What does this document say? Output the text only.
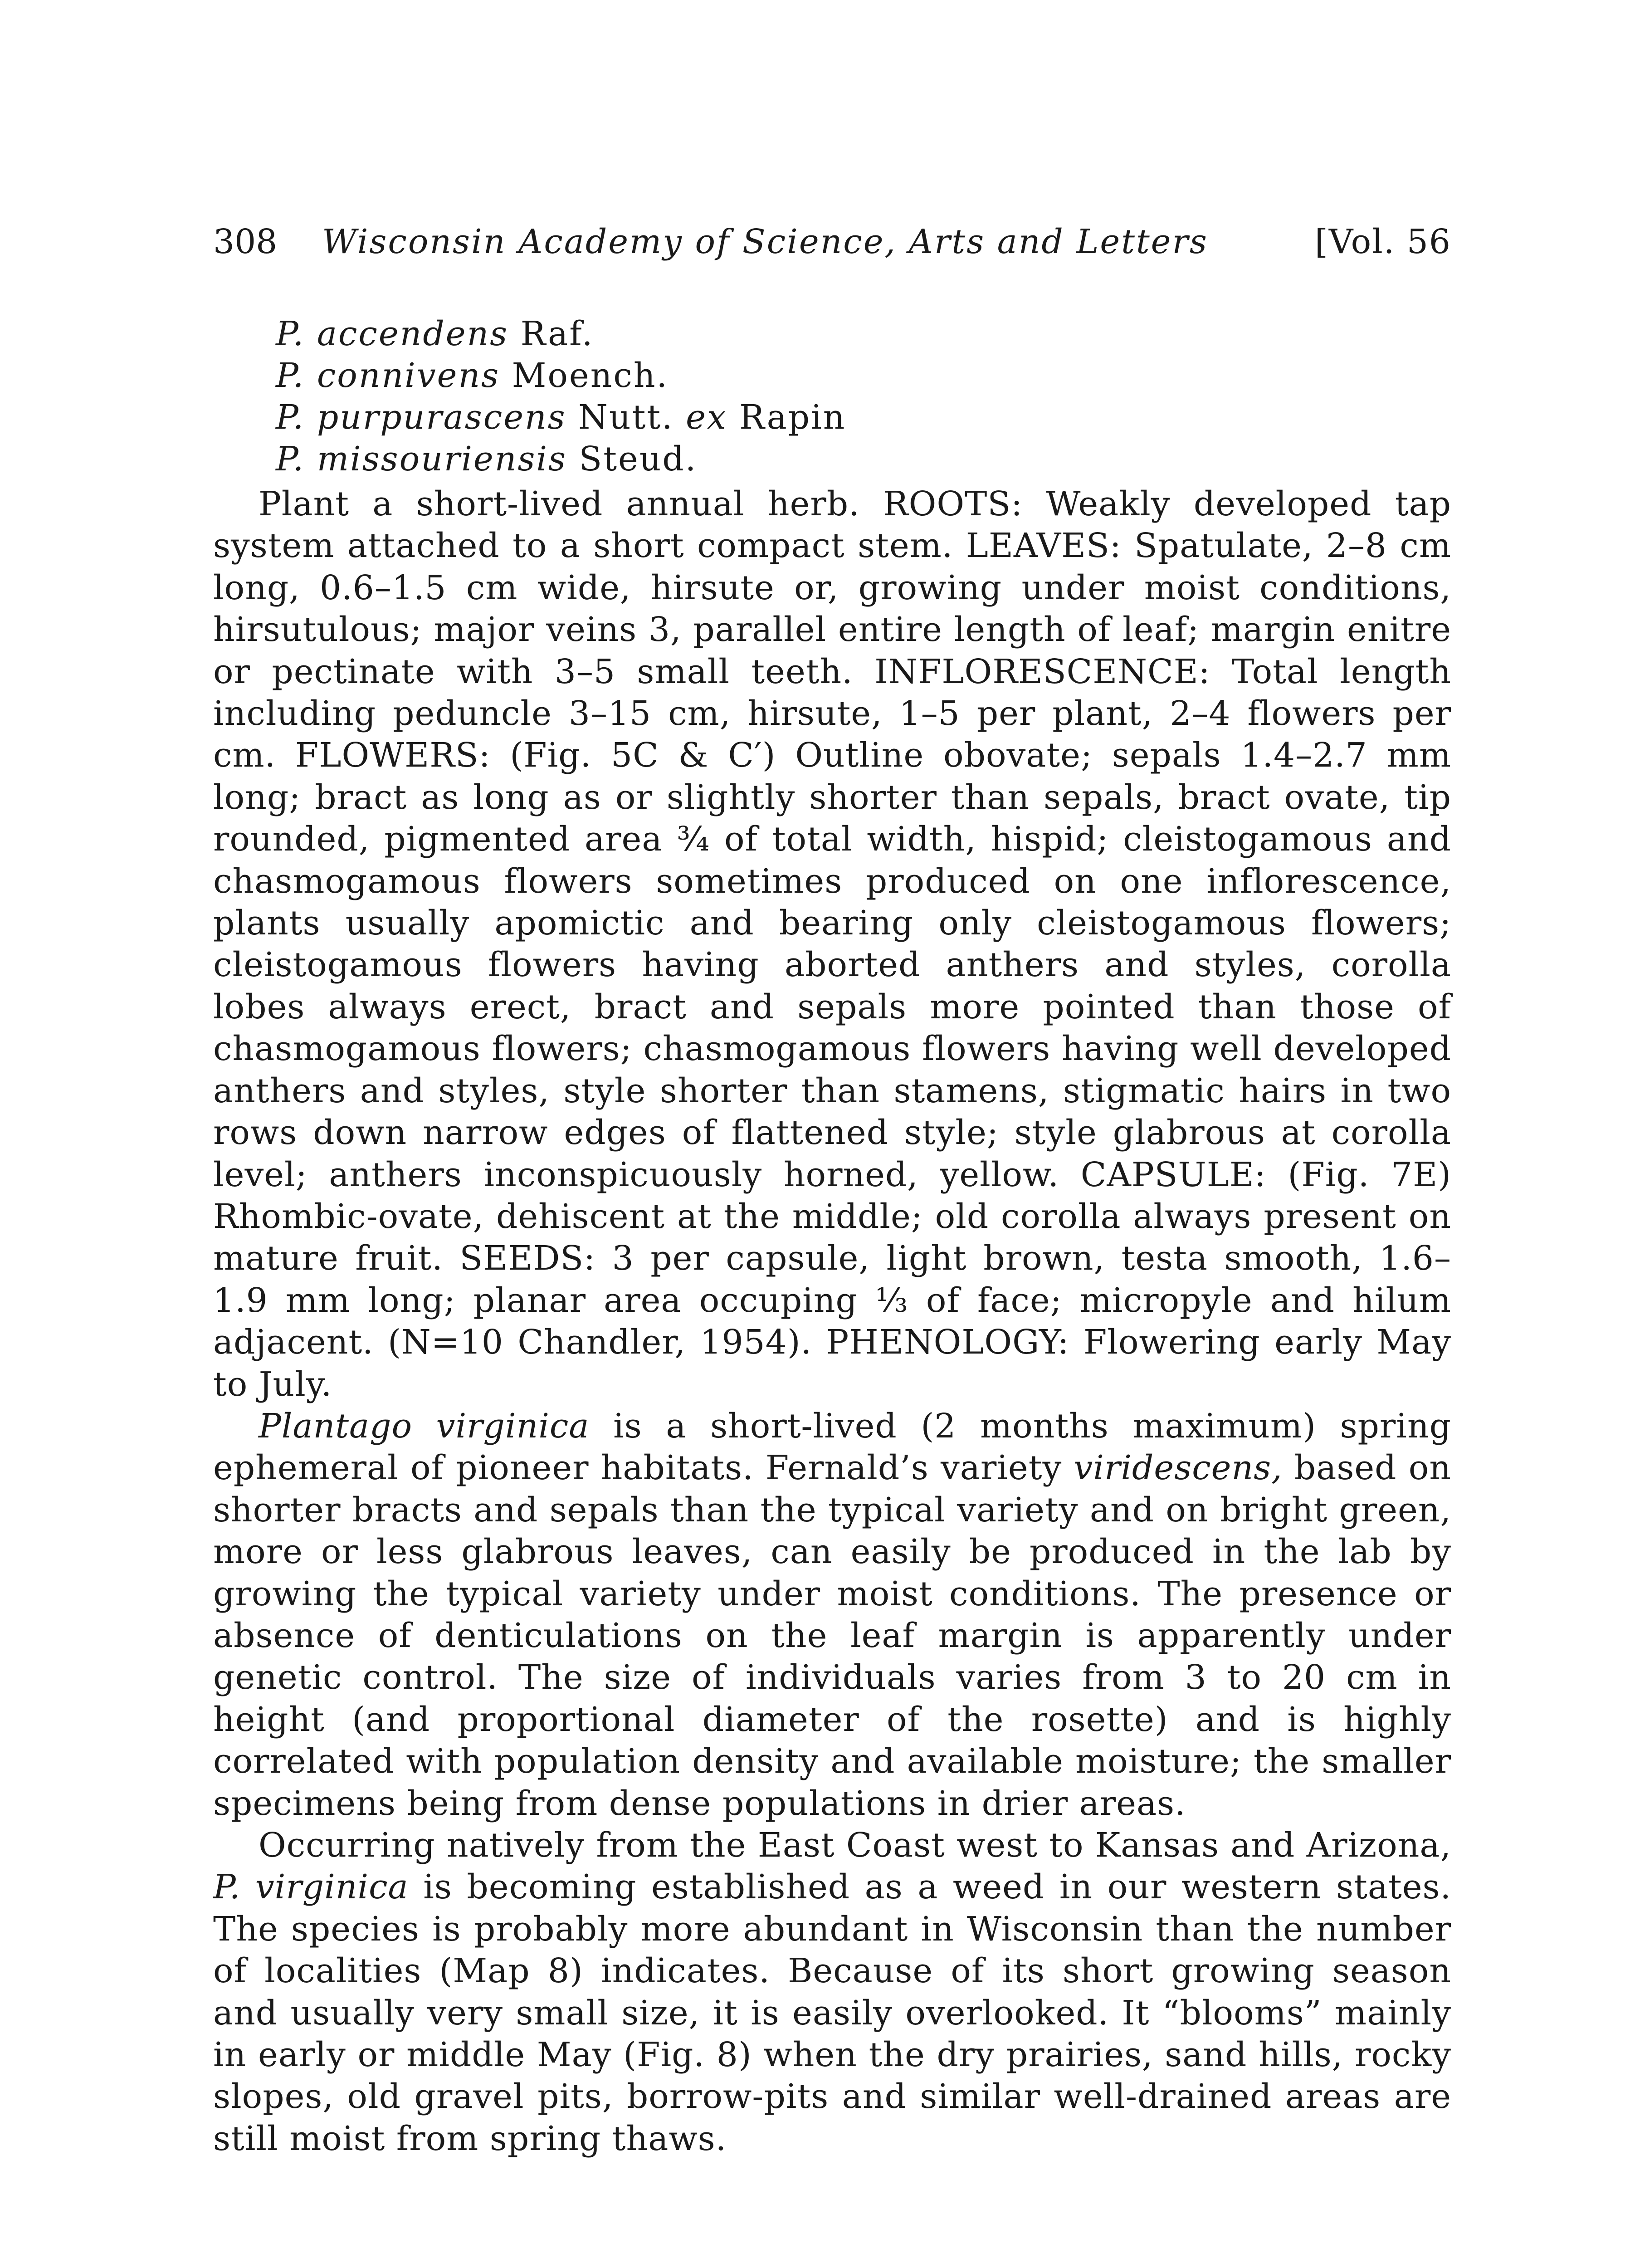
308 Wisconsin Academy of Science, Arts and Letters	[Vol. 56
P. accendens Raf.
P. connivens Moench.
P. purpurascens Nutt. ex Rapin
P. missouriensis Steud.

Plant a short-lived annual herb. ROOTS: Weakly developed tap system attached to a short compact stem. LEAVES: Spatulate, 2–8 cm long, 0.6–1.5 cm wide, hirsute or, growing under moist conditions, hirsutulous; major veins 3, parallel entire length of leaf; margin enitre or pectinate with 3–5 small teeth. INFLORESCENCE: Total length including peduncle 3–15 cm, hirsute, 1–5 per plant, 2–4 flowers per cm. FLOWERS: (Fig. 5C & C′) Outline obovate; sepals 1.4–2.7 mm long; bract as long as or slightly shorter than sepals, bract ovate, tip rounded, pigmented area ¾ of total width, hispid; cleistogamous and chasmogamous flowers sometimes produced on one inflorescence, plants usually apomictic and bearing only cleistogamous flowers; cleistogamous flowers having aborted anthers and styles, corolla lobes always erect, bract and sepals more pointed than those of chasmogamous flowers; chasmogamous flowers having well developed anthers and styles, style shorter than stamens, stigmatic hairs in two rows down narrow edges of flattened style; style glabrous at corolla level; anthers inconspicuously horned, yellow. CAPSULE: (Fig. 7E) Rhombic-ovate, dehiscent at the middle; old corolla always present on mature fruit. SEEDS: 3 per capsule, light brown, testa smooth, 1.6–1.9 mm long; planar area occuping ⅓ of face; micropyle and hilum adjacent. (N=10 Chandler, 1954). PHENOLOGY: Flowering early May to July.

Plantago virginica is a short-lived (2 months maximum) spring ephemeral of pioneer habitats. Fernald’s variety viridescens, based on shorter bracts and sepals than the typical variety and on bright green, more or less glabrous leaves, can easily be produced in the lab by growing the typical variety under moist conditions. The presence or absence of denticulations on the leaf margin is apparently under genetic control. The size of individuals varies from 3 to 20 cm in height (and proportional diameter of the rosette) and is highly correlated with population density and available moisture; the smaller specimens being from dense populations in drier areas.

Occurring natively from the East Coast west to Kansas and Arizona, P. virginica is becoming established as a weed in our western states. The species is probably more abundant in Wisconsin than the number of localities (Map 8) indicates. Because of its short growing season and usually very small size, it is easily overlooked. It “blooms” mainly in early or middle May (Fig. 8) when the dry prairies, sand hills, rocky slopes, old gravel pits, borrow-pits and similar well-drained areas are still moist from spring thaws.
